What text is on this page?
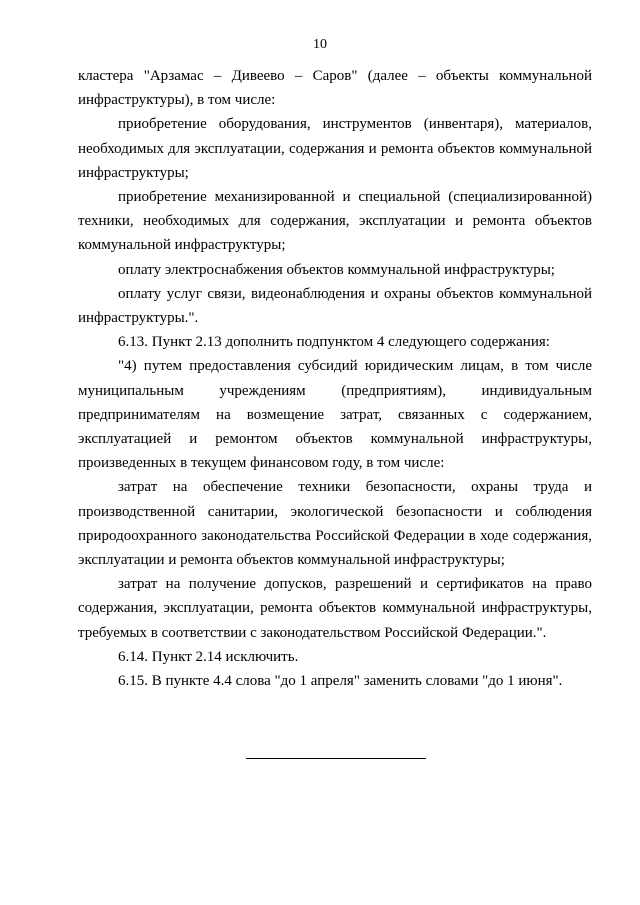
10

кластера "Арзамас – Дивеево – Саров" (далее – объекты коммунальной инфраструктуры), в том числе:

приобретение оборудования, инструментов (инвентаря), материалов, необходимых для эксплуатации, содержания и ремонта объектов коммунальной инфраструктуры;

приобретение механизированной и специальной (специализированной) техники, необходимых для содержания, эксплуатации и ремонта объектов коммунальной инфраструктуры;

оплату электроснабжения объектов коммунальной инфраструктуры;

оплату услуг связи, видеонаблюдения и охраны объектов коммунальной инфраструктуры.".

6.13. Пункт 2.13 дополнить подпунктом 4 следующего содержания:

"4) путем предоставления субсидий юридическим лицам, в том числе

муниципальным учреждениям (предприятиям), индивидуальным предпринимателям на возмещение затрат, связанных с содержанием, эксплуатацией и ремонтом объектов коммунальной инфраструктуры, произведенных в текущем финансовом году, в том числе:

затрат на обеспечение техники безопасности, охраны труда и производственной санитарии, экологической безопасности и соблюдения природоохранного законодательства Российской Федерации в ходе содержания, эксплуатации и ремонта объектов коммунальной инфраструктуры;

затрат на получение допусков, разрешений и сертификатов на право содержания, эксплуатации, ремонта объектов коммунальной инфраструктуры, требуемых в соответствии с законодательством Российской Федерации.".

6.14. Пункт 2.14 исключить.

6.15. В пункте 4.4 слова "до 1 апреля" заменить словами "до 1 июня".
